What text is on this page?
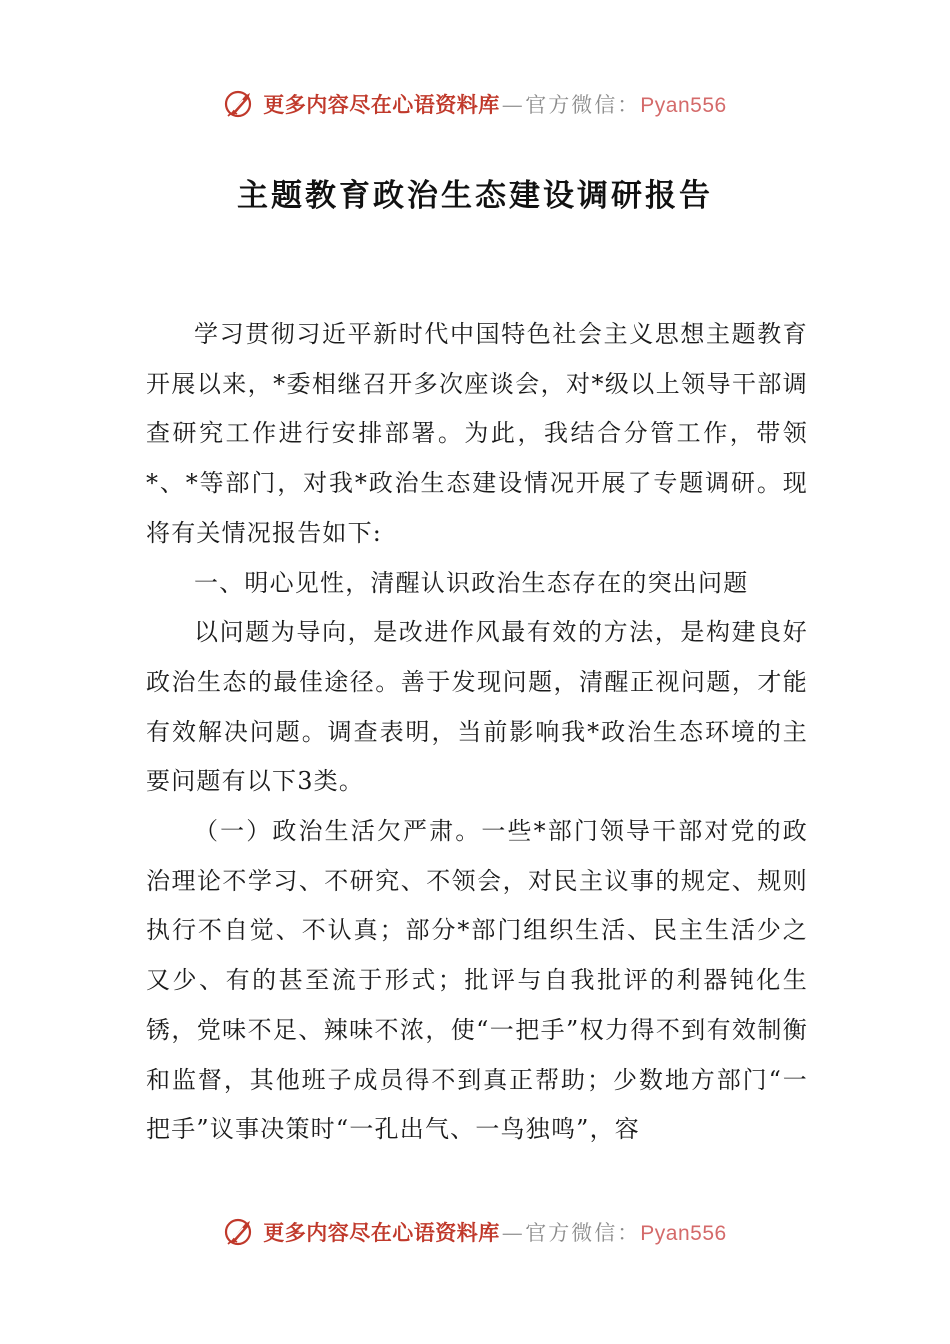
更多内容尽在心语资料库—官方微信：Pyan556
主题教育政治生态建设调研报告

学习贯彻习近平新时代中国特色社会主义思想主题教育开展以来，*委相继召开多次座谈会，对*级以上领导干部调查研究工作进行安排部署。为此，我结合分管工作，带领*、*等部门，对我*政治生态建设情况开展了专题调研。现将有关情况报告如下:

一、明心见性，清醒认识政治生态存在的突出问题

以问题为导向，是改进作风最有效的方法，是构建良好政治生态的最佳途径。善于发现问题，清醒正视问题，才能有效解决问题。调查表明，当前影响我*政治生态环境的主要问题有以下3类。

（一）政治生活欠严肃。一些*部门领导干部对党的政治理论不学习、不研究、不领会，对民主议事的规定、规则执行不自觉、不认真；部分*部门组织生活、民主生活少之又少、有的甚至流于形式；批评与自我批评的利器钝化生锈，党味不足、辣味不浓，使“一把手”权力得不到有效制衡和监督，其他班子成员得不到真正帮助；少数地方部门“一把手”议事决策时“一孔出气、一鸟独鸣”，容

更多内容尽在心语资料库—官方微信：Pyan556
